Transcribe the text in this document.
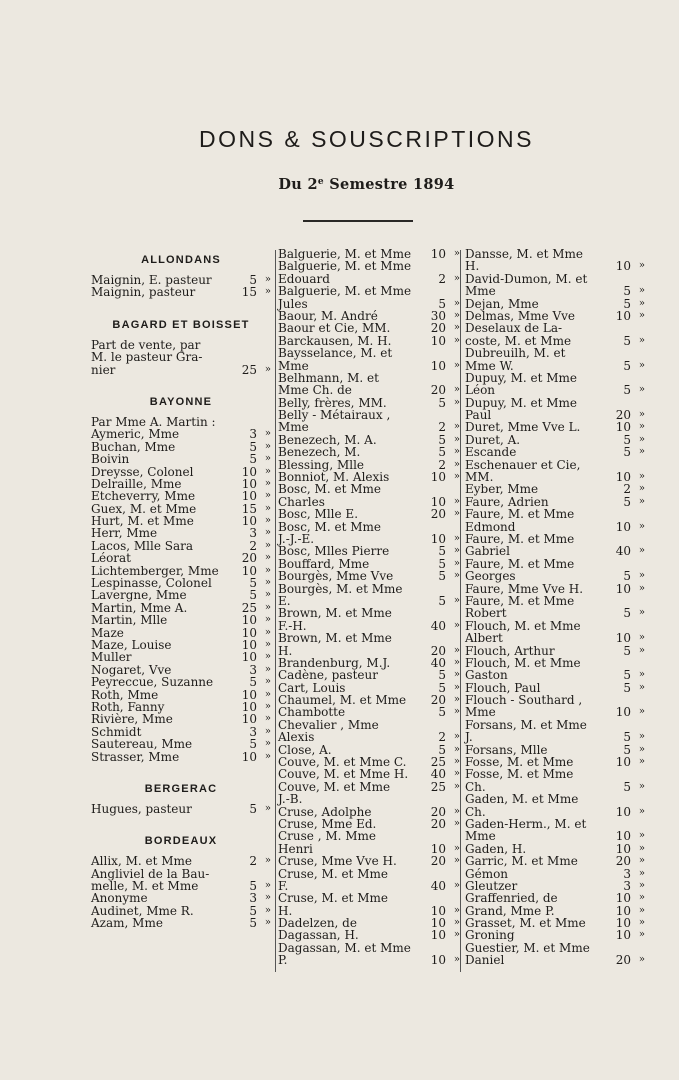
DONS & SOUSCRIPTIONS
Du 2e Semestre 1894
ALLONDANS
Maignin, E. pasteur	5 »
Maignin, pasteur	15 »
BAGARD ET BOISSET
Part de vente, par
M. le pasteur Gra-
nier	25 »
BAYONNE
Par Mme A. Martin :
Aymeric, Mme	3 »
Buchan, Mme	5 »
Boivin	5 »
Dreysse, Colonel	10 »
Delraille, Mme	10 »
Etcheverry, Mme	10 »
Guex, M. et Mme	15 »
Hurt, M. et Mme	10 »
Herr, Mme	3 »
Lacos, Mlle Sara	2 »
Léorat	20 »
Lichtemberger, Mme 10 »
Lespinasse, Colonel	5 »
Lavergne, Mme	5 »
Martin, Mme A.	25 »
Martin, Mlle	10 »
Maze	10 »
Maze, Louise	10 »
Muller	10 »
Nogaret, Vve	3 »
Peyreccue, Suzanne	5 »
Roth, Mme	10 »
Roth, Fanny	10 »
Rivière, Mme	10 »
Schmidt	3 »
Sautereau, Mme	5 »
Strasser, Mme	10 »
BERGERAC
Hugues, pasteur	5 »
BORDEAUX
Allix, M. et Mme	2 »
Angliviel de la Bau-
melle, M. et Mme	5 »
Anonyme	3 »
Audinet, Mme R.	5 »
Azam, Mme	5 »
Balguerie, M. et Mme 10 »
Balguerie, M. et Mme
Edouard	2 »
Balguerie, M. et Mme
Jules	5 »
Baour, M. André	30 »
Baour et Cie, MM.	20 »
Barckausen, M. H.	10 »
Baysselance, M. et
Mme	10 »
Belhmann, M. et
Mme Ch. de	20 »
Belly, frères, MM.	5 »
Belly - Métairaux ,
Mme	2 »
Benezech, M. A.	5 »
Benezech, M.	5 »
Blessing, Mlle	2 »
Bonniot, M. Alexis	10 »
Bosc, M. et Mme
Charles	10 »
Bosc, Mlle E.	20 »
Bosc, M. et Mme
J.-J.-E.	10 »
Bosc, Mlles Pierre	5 »
Bouffard, Mme	5 »
Bourgès, Mme Vve	5 »
Bourgès, M. et Mme
E.	5 »
Brown, M. et Mme
F.-H.	40 »
Brown, M. et Mme
H.	20 »
Brandenburg, M.J.	40 »
Cadène, pasteur	5 »
Cart, Louis	5 »
Chaumel, M. et Mme 20 »
Chambotte	5 »
Chevalier , Mme
Alexis	2 »
Close, A.	5 »
Couve, M. et Mme C. 25 »
Couve, M. et Mme H. 40 »
Couve, M. et Mme	25 »
J.-B.
Cruse, Adolphe	20 »
Cruse, Mme Ed.	20 »
Cruse , M. Mme
Henri	10 »
Cruse, Mme Vve H.	20 »
Cruse, M. et Mme
F.	40 »
Cruse, M. et Mme
H.	10 »
Dadelzen, de	10 »
Dagassan, H.	10 »
Dagassan, M. et Mme
P.	10 »
Dansse, M. et Mme
H.	10 »
David-Dumon, M. et
Mme	5 »
Dejan, Mme	5 »
Delmas, Mme Vve	10 »
Deselaux de La-
coste, M. et Mme	5 »
Dubreuilh, M. et
Mme W.	5 »
Dupuy, M. et Mme
Léon	5 »
Dupuy, M. et Mme
Paul	20 »
Duret, Mme Vve L.	10 »
Duret, A.	5 »
Escande	5 »
Eschenauer et Cie,
MM.	10 »
Eyber, Mme	2 »
Faure, Adrien	5 »
Faure, M. et Mme
Edmond	10 »
Faure, M. et Mme
Gabriel	40 »
Faure, M. et Mme
Georges	5 »
Faure, Mme Vve H.	10 »
Faure, M. et Mme
Robert	5 »
Flouch, M. et Mme
Albert	10 »
Flouch, Arthur	5 »
Flouch, M. et Mme
Gaston	5 »
Flouch, Paul	5 »
Flouch - Southard ,
Mme	10 »
Forsans, M. et Mme
J.	5 »
Forsans, Mlle	5 »
Fosse, M. et Mme	10 »
Fosse, M. et Mme
Ch.	5 »
Gaden, M. et Mme
Ch.	10 »
Gaden-Herm., M. et
Mme	10 »
Gaden, H.	10 »
Garric, M. et Mme	20 »
Gémon	3 »
Gleutzer	3 »
Graffenried, de	10 »
Grand, Mme P.	10 »
Grasset, M. et Mme 10 »
Groning	10 »
Guestier, M. et Mme
Daniel	20 »
